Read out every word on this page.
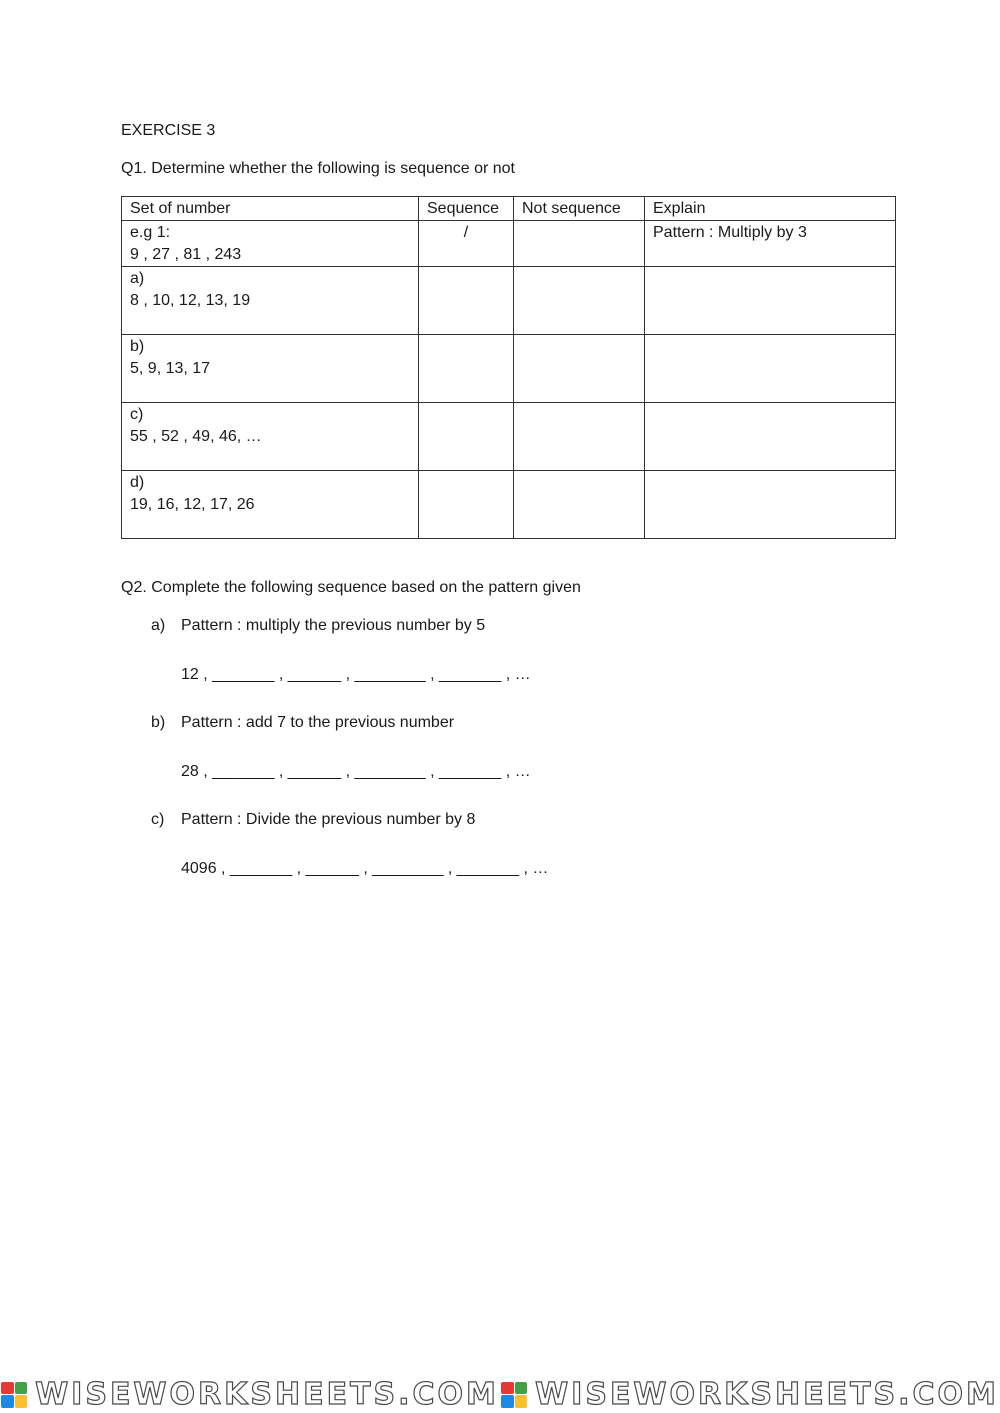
EXERCISE 3
Q1. Determine whether the following is sequence or not
Set of number	Sequence	Not sequence	Explain

e.g 1:
9 , 27 , 81 , 243	/		Pattern : Multiply by 3

a)
8 , 10, 12, 13, 19			

b)
5, 9, 13, 17			

c)
55 , 52 , 49, 46, …			

d)
19, 16, 12, 17, 26			

Q2. Complete the following sequence based on the pattern given
a) Pattern : multiply the previous number by 5
12 , _______ , ______ , ________ , _______ , …
b) Pattern : add 7 to the previous number
28 , _______ , ______ , ________ , _______ , …
c) Pattern : Divide the previous number by 8
4096 , _______ , ______ , ________ , _______ , …
WISEWORKSHEETS.COM WISEWORKSHEETS.COM
